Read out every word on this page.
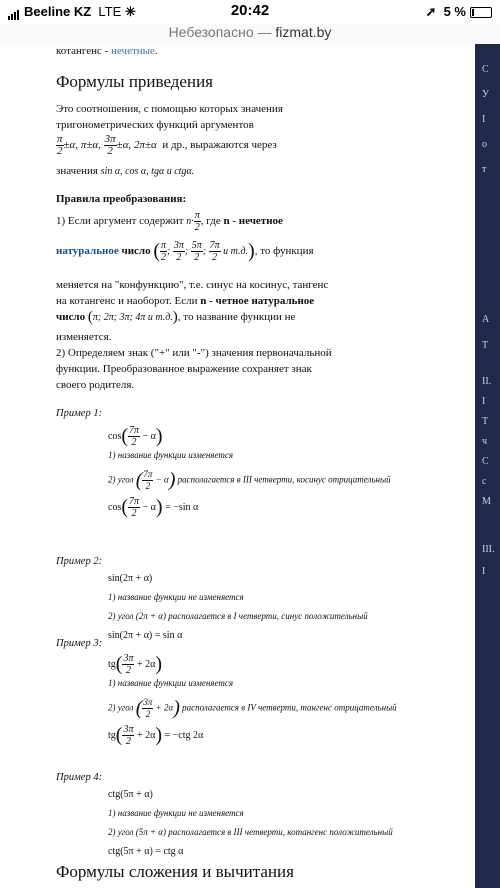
Beeline KZ LTE ✳	20:42	➚ 5 %
Небезопасно — fizmat.by
С
У
І
о
т
А
Т
II.
І
Т
ч
С
с
М
III.
І
котангенс - нечетные.
Формулы приведения
Это соотношения, с помощью которых значения
тригонометрических функций аргументов
$\frac{\pi}{2} \pm\alpha$, π±α, $\frac{3\pi}{2} \pm\alpha$, 2π±α  и др., выражаются через
значения sin α, cos α, tgα и ctgα.
Правила преобразования:
1) Если аргумент содержит $n\cdot \frac{\pi}{2}$ , где n - нечетное
натуральное число ( $\frac{\pi}{2}$ ; $\frac{3\pi}{2}$ ; $\frac{5\pi}{2}$ ; $\frac{7\pi}{2}$ и т.д.), то функция
меняется на "конфункцию", т.е. синус на косинус, тангенс
на котангенс и наоборот. Если n - четное натуральное
число (π; 2π; 3π; 4π и т.д.), то название функции не
изменяется.
2) Определяем знак ("+" или "-") значения первоначальной
функции. Преобразованное выражение сохраняет знак
своего родителя.
Пример 1:
$\cos( \frac{7\pi}{2} - \alpha)$
1) название функции изменяется
2) угол ( $\frac{7\pi}{2} - \alpha$) располагается в III четверти, косинус отрицательный
$\cos( \frac{7\pi}{2} - \alpha) = -\sin$ α
Пример 2:
sin(2π + α)
1) название функции не изменяется
2) угол (2π + α) располагается в I четверти, синус положительный
sin(2π + α) = sin α
Пример 3:
$tg( \frac{3\pi}{2} + 2\alpha)$
1) название функции изменяется
2) угол ( $\frac{3\pi}{2} + 2\alpha$) располагается в IV четверти, тангенс отрицательный
$tg( \frac{3\pi}{2} + 2\alpha) = -ctg$ 2α
Пример 4:
ctg(5π + α)
1) название функции не изменяется
2) угол (5π + α) располагается в III четверти, котангенс положительный
ctg(5π + α) = ctg α
Формулы сложения и вычитания
